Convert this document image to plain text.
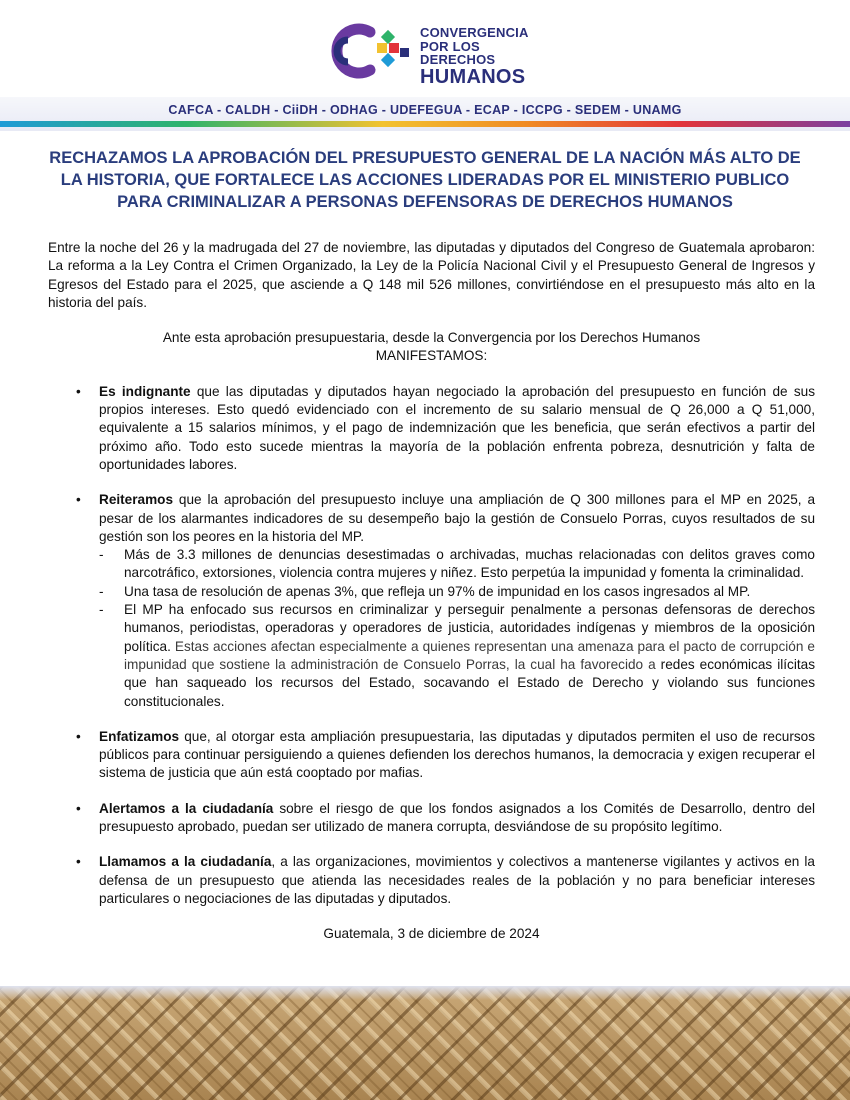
CONVERGENCIA
POR LOS DERECHOS
HUMANOS
CAFCA - CALDH - CiiDH - ODHAG - UDEFEGUA - ECAP - ICCPG - SEDEM - UNAMG
RECHAZAMOS LA APROBACIÓN DEL PRESUPUESTO GENERAL DE LA NACIÓN MÁS ALTO DE LA HISTORIA, QUE FORTALECE LAS ACCIONES LIDERADAS POR EL MINISTERIO PUBLICO PARA CRIMINALIZAR A PERSONAS DEFENSORAS DE DERECHOS HUMANOS

Entre la noche del 26 y la madrugada del 27 de noviembre, las diputadas y diputados del Congreso de Guatemala aprobaron: La reforma a la Ley Contra el Crimen Organizado, la Ley de la Policía Nacional Civil y el Presupuesto General de Ingresos y Egresos del Estado para el 2025, que asciende a Q 148 mil 526 millones, convirtiéndose en el presupuesto más alto en la historia del país.

Ante esta aprobación presupuestaria, desde la Convergencia por los Derechos Humanos

MANIFESTAMOS:

• Es indignante que las diputadas y diputados hayan negociado la aprobación del presupuesto en función de sus propios intereses. Esto quedó evidenciado con el incremento de su salario mensual de Q 26,000 a Q 51,000, equivalente a 15 salarios mínimos, y el pago de indemnización que les beneficia, que serán efectivos a partir del próximo año. Todo esto sucede mientras la mayoría de la población enfrenta pobreza, desnutrición y falta de oportunidades labores.
• Reiteramos que la aprobación del presupuesto incluye una ampliación de Q 300 millones para el MP en 2025, a pesar de los alarmantes indicadores de su desempeño bajo la gestión de Consuelo Porras, cuyos resultados de su gestión son los peores en la historia del MP.
- Más de 3.3 millones de denuncias desestimadas o archivadas, muchas relacionadas con delitos graves como narcotráfico, extorsiones, violencia contra mujeres y niñez. Esto perpetúa la impunidad y fomenta la criminalidad.
- Una tasa de resolución de apenas 3%, que refleja un 97% de impunidad en los casos ingresados al MP.
- El MP ha enfocado sus recursos en criminalizar y perseguir penalmente a personas defensoras de derechos humanos, periodistas, operadoras y operadores de justicia, autoridades indígenas y miembros de la oposición política. Estas acciones afectan especialmente a quienes representan una amenaza para el pacto de corrupción e impunidad que sostiene la administración de Consuelo Porras, la cual ha favorecido a redes económicas ilícitas que han saqueado los recursos del Estado, socavando el Estado de Derecho y violando sus funciones constitucionales.
• Enfatizamos que, al otorgar esta ampliación presupuestaria, las diputadas y diputados permiten el uso de recursos públicos para continuar persiguiendo a quienes defienden los derechos humanos, la democracia y exigen recuperar el sistema de justicia que aún está cooptado por mafias.
• Alertamos a la ciudadanía sobre el riesgo de que los fondos asignados a los Comités de Desarrollo, dentro del presupuesto aprobado, puedan ser utilizado de manera corrupta, desviándose de su propósito legítimo.
• Llamamos a la ciudadanía, a las organizaciones, movimientos y colectivos a mantenerse vigilantes y activos en la defensa de un presupuesto que atienda las necesidades reales de la población y no para beneficiar intereses particulares o negociaciones de las diputadas y diputados.

Guatemala, 3 de diciembre de 2024
